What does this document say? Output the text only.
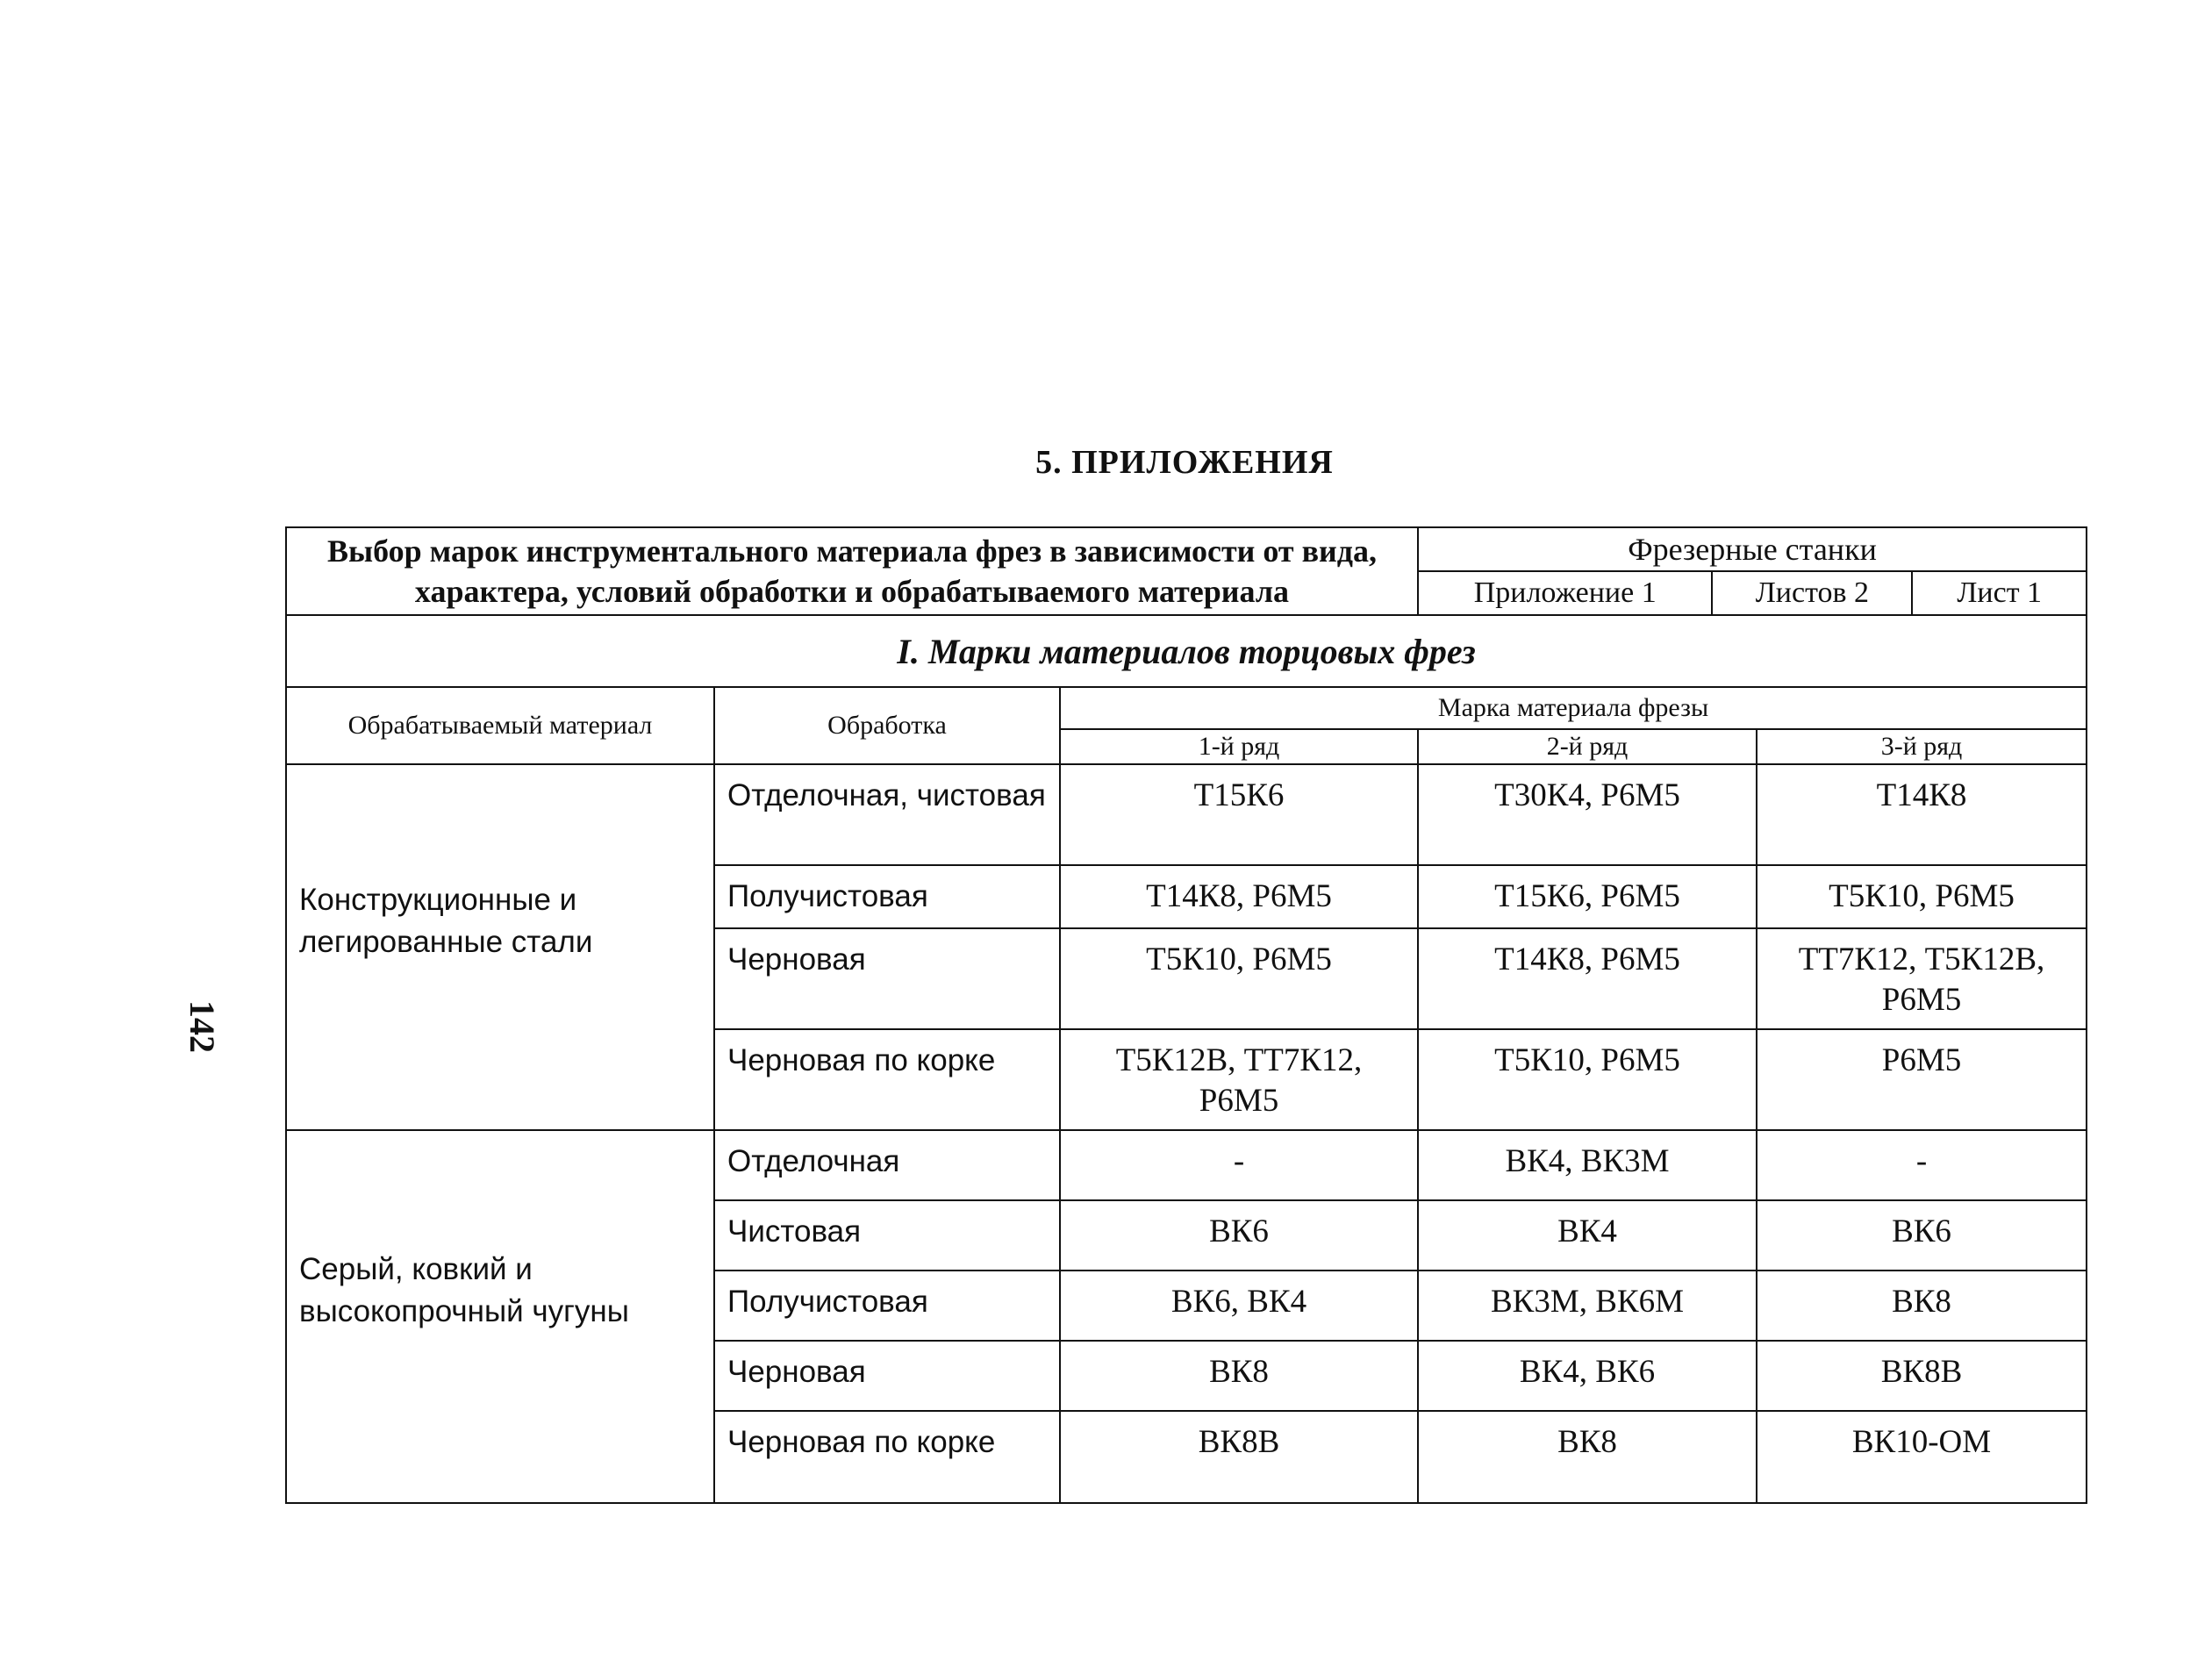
142
5. ПРИЛОЖЕНИЯ
Выбор марок инструментального материала фрез в зависимости от вида, характера, условий обработки и обрабатываемого материала	Фрезерные станки

Приложение 1	Листов 2	Лист 1

I. Марки материалов торцовых фрез
Обрабатываемый материал	Обработка	Марка материала фрезы
1-й ряд	2-й ряд	3-й ряд
Конструкционные и легированные стали	Отделочная, чистовая	Т15К6	Т30К4, Р6М5	Т14К8
Получистовая	Т14К8, Р6М5	Т15К6, Р6М5	Т5К10, Р6М5
Черновая	Т5К10, Р6М5	Т14К8, Р6М5	ТТ7К12, Т5К12В, Р6М5
Черновая по корке	Т5К12В, ТТ7К12, Р6М5	Т5К10, Р6М5	Р6М5
Серый, ковкий и высокопрочный чугуны	Отделочная	-	ВК4, ВК3М	-
Чистовая	ВК6	ВК4	ВК6
Получистовая	ВК6, ВК4	ВК3М, ВК6М	ВК8
Черновая	ВК8	ВК4, ВК6	ВК8В
Черновая по корке	ВК8В	ВК8	ВК10-ОМ
